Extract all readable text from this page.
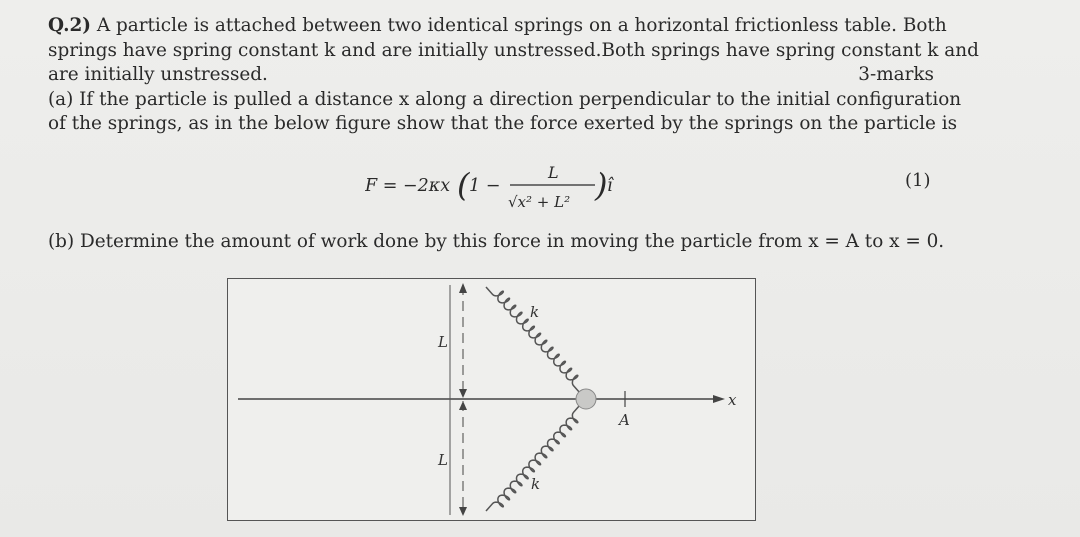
Q.2) A particle is attached between two identical springs on a horizontal frictionless table. Both
springs have spring constant k and are initially unstressed.Both springs have spring constant k and
are initially unstressed.	3-marks
(a) If the particle is pulled a distance x along a direction perpendicular to the initial configuration
of the springs, as in the below figure show that the force exerted by the springs on the particle is
F = −2κx ( 1 −
L
√x² + L² ) î	(1)
(b) Determine the amount of work done by this force in moving the particle from x = A to x = 0.
x
L
L
k
k
A
